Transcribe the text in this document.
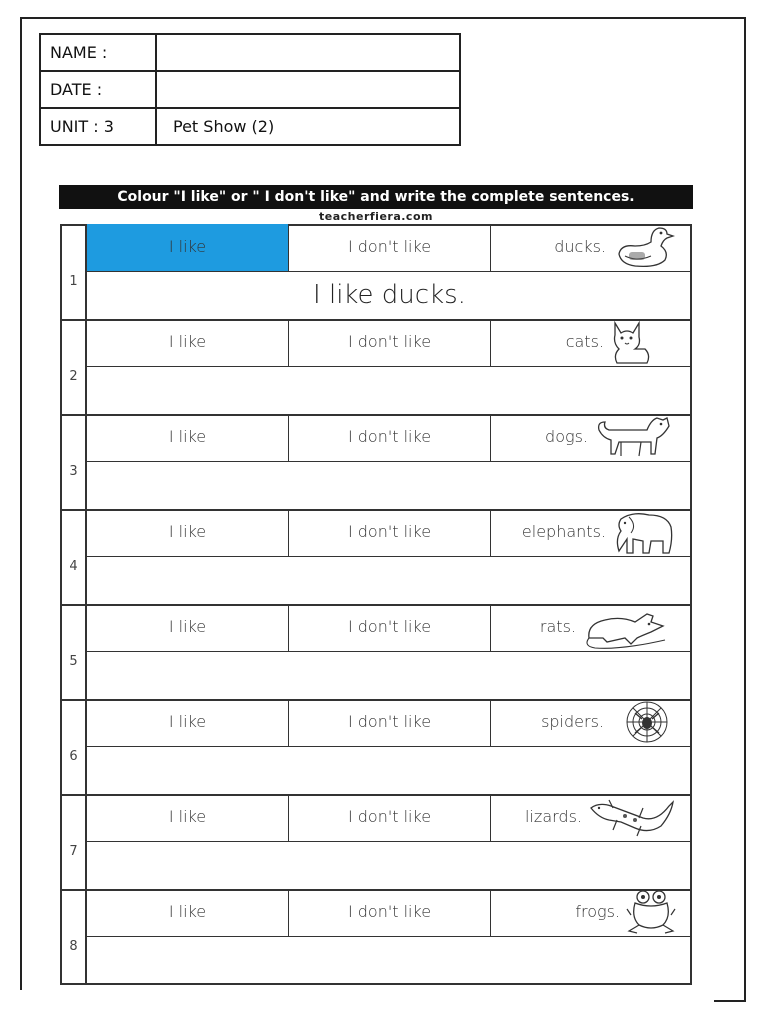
NAME :	
DATE :	
UNIT : 3	Pet Show (2)
Colour "I like" or " I don't like" and write the complete sentences.
teacherfiera.com
1
I like	I don't like	ducks.
I like ducks.
2
I like	I don't like	cats.
3
I like	I don't like	dogs.
4
I like	I don't like	elephants.
5
I like	I don't like	rats.
6
I like	I don't like	spiders.
7
I like	I don't like	lizards.
8
I like	I don't like	frogs.
